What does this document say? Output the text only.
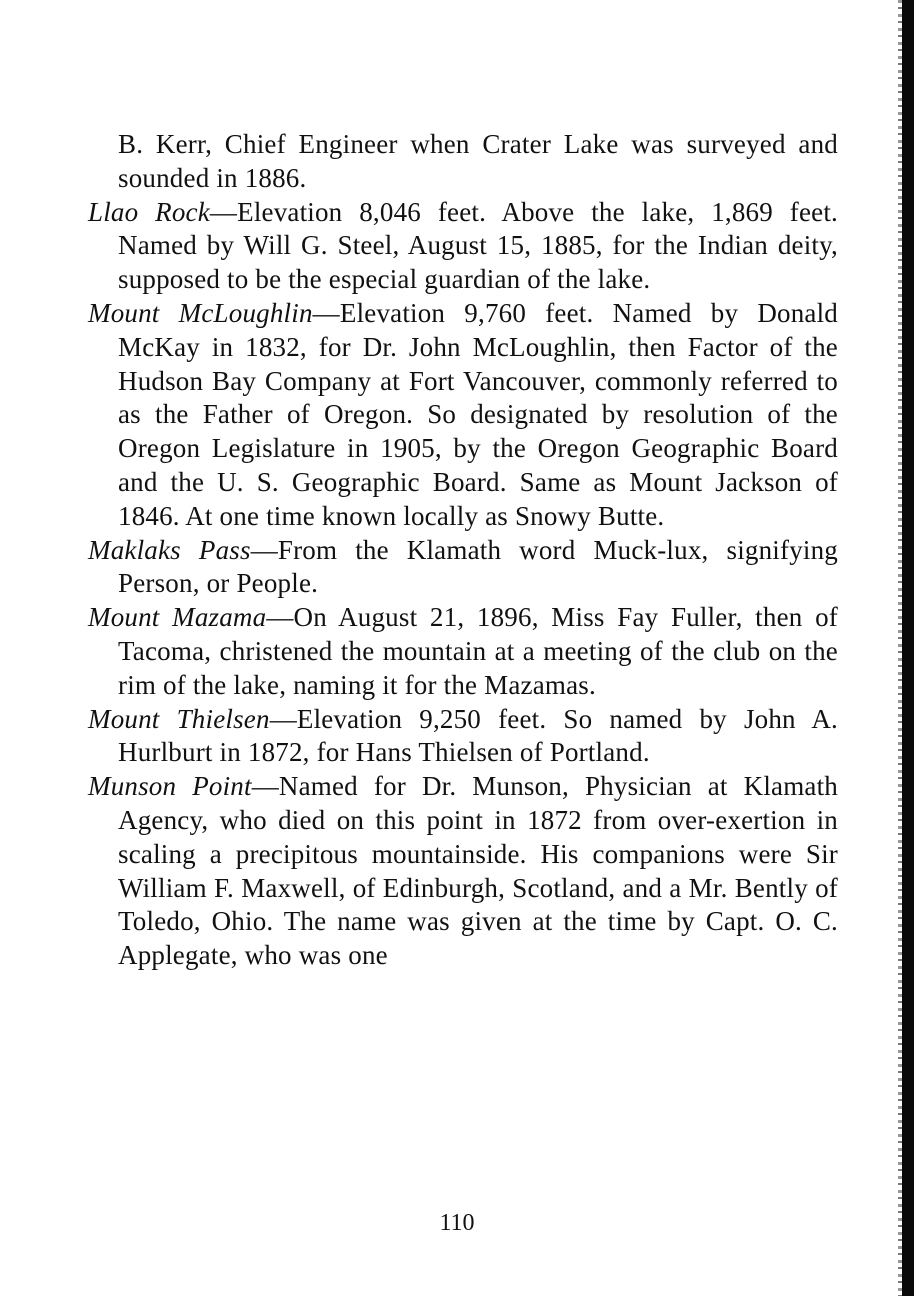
B. Kerr, Chief Engineer when Crater Lake was surveyed and sounded in 1886.

Llao Rock—Elevation 8,046 feet. Above the lake, 1,869 feet. Named by Will G. Steel, August 15, 1885, for the Indian deity, supposed to be the especial guardian of the lake.

Mount McLoughlin—Elevation 9,760 feet. Named by Donald McKay in 1832, for Dr. John McLoughlin, then Factor of the Hudson Bay Company at Fort Vancouver, commonly referred to as the Father of Oregon. So designated by resolution of the Oregon Legislature in 1905, by the Oregon Geographic Board and the U. S. Geographic Board. Same as Mount Jackson of 1846. At one time known locally as Snowy Butte.

Maklaks Pass—From the Klamath word Muck-lux, signifying Person, or People.

Mount Mazama—On August 21, 1896, Miss Fay Fuller, then of Tacoma, christened the mountain at a meeting of the club on the rim of the lake, naming it for the Mazamas.

Mount Thielsen—Elevation 9,250 feet. So named by John A. Hurlburt in 1872, for Hans Thielsen of Portland.

Munson Point—Named for Dr. Munson, Physician at Klamath Agency, who died on this point in 1872 from over-exertion in scaling a precipitous mountainside. His companions were Sir William F. Maxwell, of Edinburgh, Scotland, and a Mr. Bently of Toledo, Ohio. The name was given at the time by Capt. O. C. Applegate, who was one

110
